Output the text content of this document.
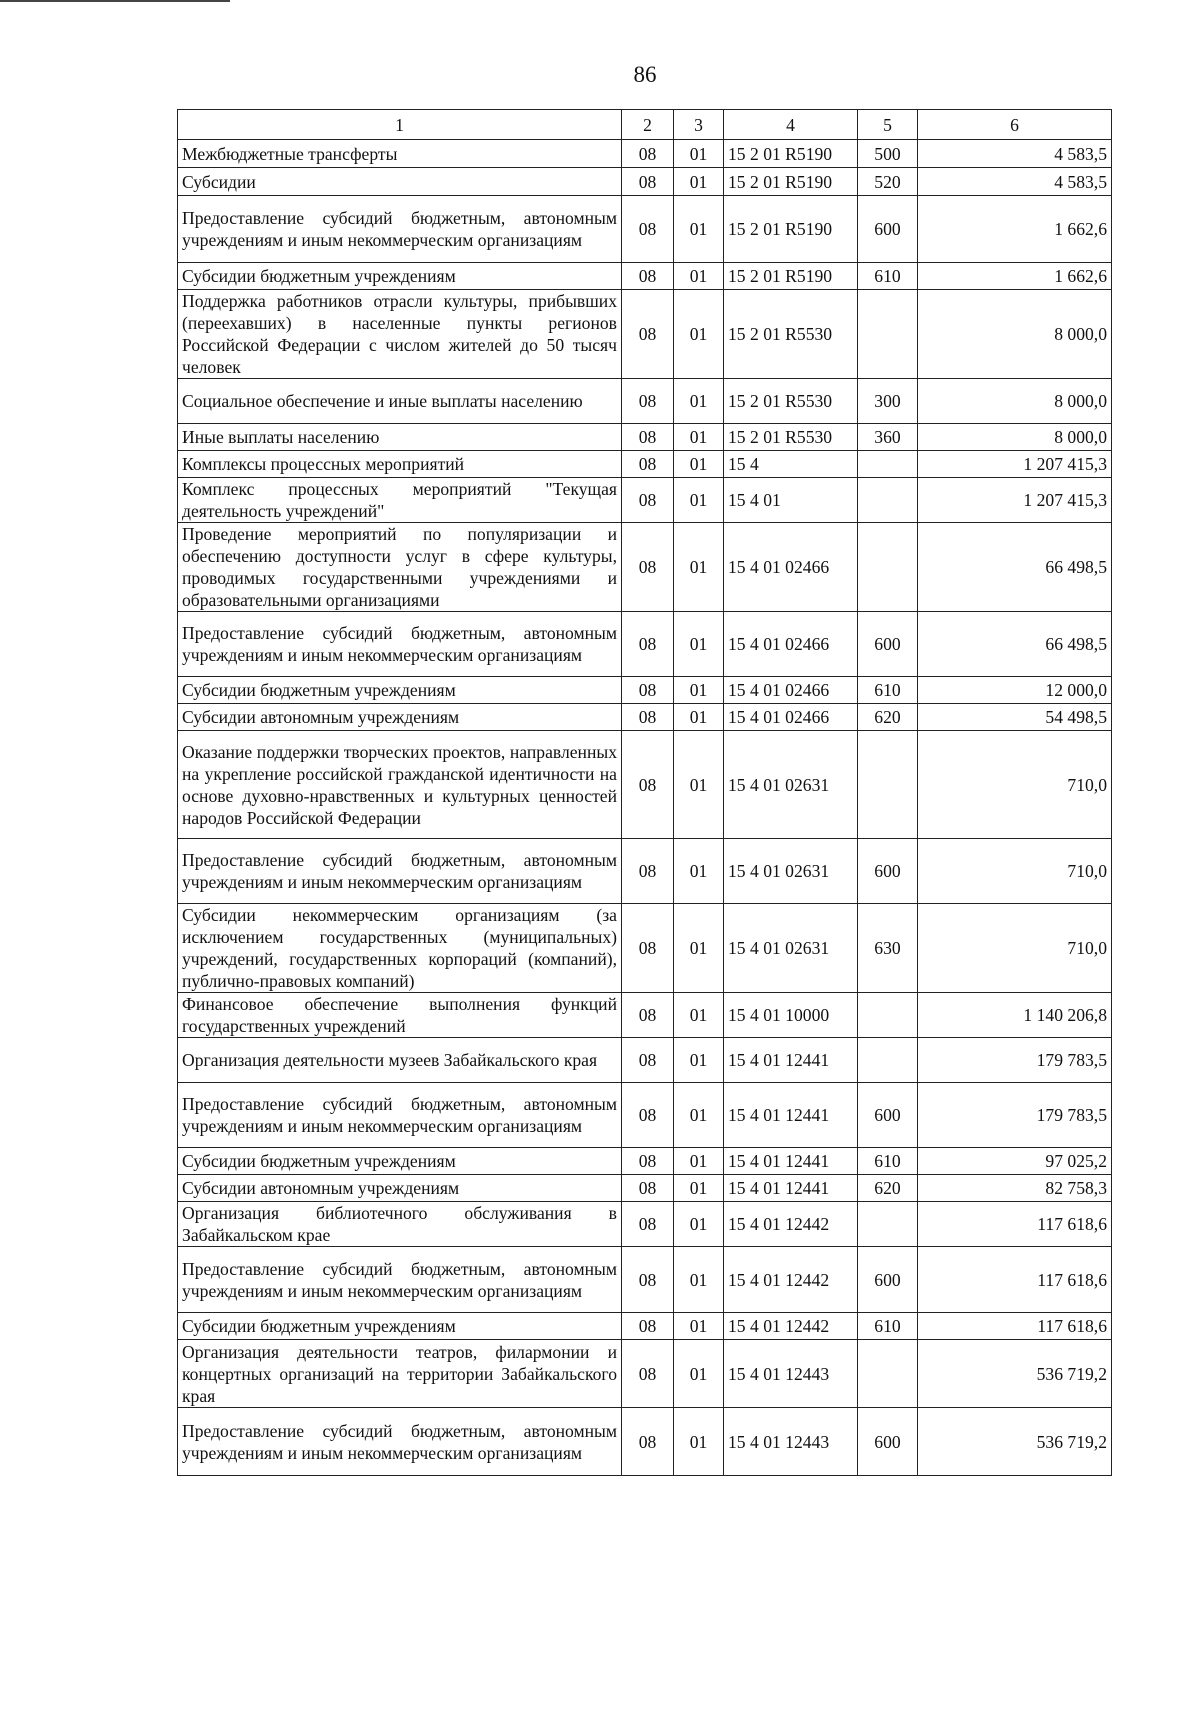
86
1	2	3	4	5	6
Межбюджетные трансферты	08	01	15 2 01 R5190	500	4 583,5
Субсидии	08	01	15 2 01 R5190	520	4 583,5
Предоставление субсидий бюджетным, автономным учреждениям и иным некоммерческим организациям	08	01	15 2 01 R5190	600	1 662,6
Субсидии бюджетным учреждениям	08	01	15 2 01 R5190	610	1 662,6
Поддержка работников отрасли культуры, прибывших (переехавших) в населенные пункты регионов Российской Федерации с числом жителей до 50 тысяч человек	08	01	15 2 01 R5530		8 000,0
Социальное обеспечение и иные выплаты населению	08	01	15 2 01 R5530	300	8 000,0
Иные выплаты населению	08	01	15 2 01 R5530	360	8 000,0
Комплексы процессных мероприятий	08	01	15 4		1 207 415,3
Комплекс процессных мероприятий "Текущая деятельность учреждений"	08	01	15 4 01		1 207 415,3
Проведение мероприятий по популяризации и обеспечению доступности услуг в сфере культуры, проводимых государственными учреждениями и образовательными организациями	08	01	15 4 01 02466		66 498,5
Предоставление субсидий бюджетным, автономным учреждениям и иным некоммерческим организациям	08	01	15 4 01 02466	600	66 498,5
Субсидии бюджетным учреждениям	08	01	15 4 01 02466	610	12 000,0
Субсидии автономным учреждениям	08	01	15 4 01 02466	620	54 498,5
Оказание поддержки творческих проектов, направленных на укрепление российской гражданской идентичности на основе духовно-нравственных и культурных ценностей народов Российской Федерации	08	01	15 4 01 02631		710,0
Предоставление субсидий бюджетным, автономным учреждениям и иным некоммерческим организациям	08	01	15 4 01 02631	600	710,0
Субсидии некоммерческим организациям (за исключением государственных (муниципальных) учреждений, государственных корпораций (компаний), публично-правовых компаний)	08	01	15 4 01 02631	630	710,0
Финансовое обеспечение выполнения функций государственных учреждений	08	01	15 4 01 10000		1 140 206,8
Организация деятельности музеев Забайкальского края	08	01	15 4 01 12441		179 783,5
Предоставление субсидий бюджетным, автономным учреждениям и иным некоммерческим организациям	08	01	15 4 01 12441	600	179 783,5
Субсидии бюджетным учреждениям	08	01	15 4 01 12441	610	97 025,2
Субсидии автономным учреждениям	08	01	15 4 01 12441	620	82 758,3
Организация библиотечного обслуживания в Забайкальском крае	08	01	15 4 01 12442		117 618,6
Предоставление субсидий бюджетным, автономным учреждениям и иным некоммерческим организациям	08	01	15 4 01 12442	600	117 618,6
Субсидии бюджетным учреждениям	08	01	15 4 01 12442	610	117 618,6
Организация деятельности театров, филармонии и концертных организаций на территории Забайкальского края	08	01	15 4 01 12443		536 719,2
Предоставление субсидий бюджетным, автономным учреждениям и иным некоммерческим организациям	08	01	15 4 01 12443	600	536 719,2
